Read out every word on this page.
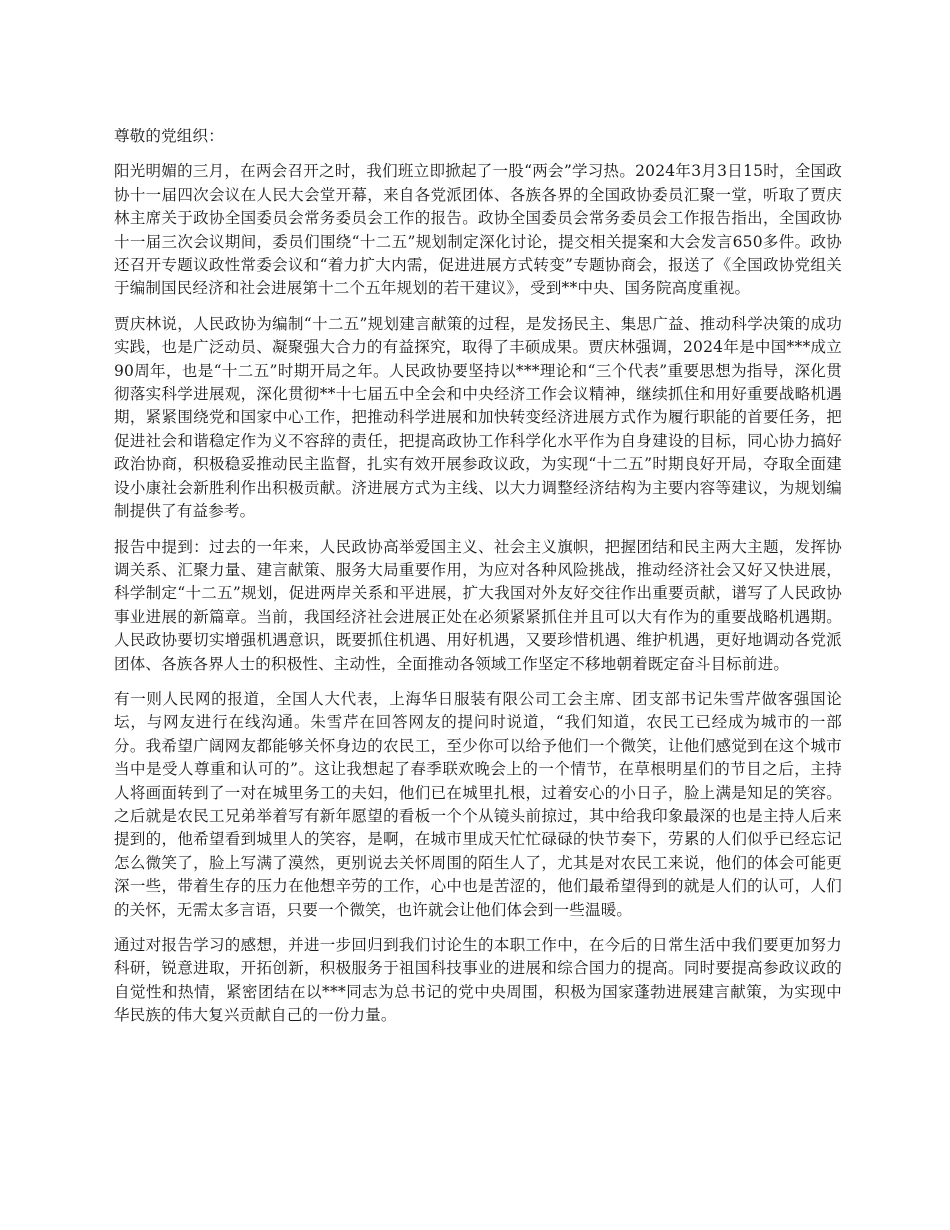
尊敬的党组织：

阳光明媚的三月，在两会召开之时，我们班立即掀起了一股“两会”学习热。2024年3月3日15时，全国政协十一届四次会议在人民大会堂开幕，来自各党派团体、各族各界的全国政协委员汇聚一堂，听取了贾庆林主席关于政协全国委员会常务委员会工作的报告。政协全国委员会常务委员会工作报告指出，全国政协十一届三次会议期间，委员们围绕“十二五”规划制定深化讨论，提交相关提案和大会发言650多件。政协还召开专题议政性常委会议和“着力扩大内需，促进进展方式转变”专题协商会，报送了《全国政协党组关于编制国民经济和社会进展第十二个五年规划的若干建议》，受到**中央、国务院高度重视。

贾庆林说，人民政协为编制“十二五”规划建言献策的过程，是发扬民主、集思广益、推动科学决策的成功实践，也是广泛动员、凝聚强大合力的有益探究，取得了丰硕成果。贾庆林强调，2024年是中国***成立90周年，也是“十二五”时期开局之年。人民政协要坚持以***理论和“三个代表”重要思想为指导，深化贯彻落实科学进展观，深化贯彻**十七届五中全会和中央经济工作会议精神，继续抓住和用好重要战略机遇期，紧紧围绕党和国家中心工作，把推动科学进展和加快转变经济进展方式作为履行职能的首要任务，把促进社会和谐稳定作为义不容辞的责任，把提高政协工作科学化水平作为自身建设的目标，同心协力搞好政治协商，积极稳妥推动民主监督，扎实有效开展参政议政，为实现“十二五”时期良好开局，夺取全面建设小康社会新胜利作出积极贡献。济进展方式为主线、以大力调整经济结构为主要内容等建议，为规划编制提供了有益参考。

报告中提到：过去的一年来，人民政协高举爱国主义、社会主义旗帜，把握团结和民主两大主题，发挥协调关系、汇聚力量、建言献策、服务大局重要作用，为应对各种风险挑战，推动经济社会又好又快进展，科学制定“十二五”规划，促进两岸关系和平进展，扩大我国对外友好交往作出重要贡献，谱写了人民政协事业进展的新篇章。当前，我国经济社会进展正处在必须紧紧抓住并且可以大有作为的重要战略机遇期。人民政协要切实增强机遇意识，既要抓住机遇、用好机遇，又要珍惜机遇、维护机遇，更好地调动各党派团体、各族各界人士的积极性、主动性，全面推动各领域工作坚定不移地朝着既定奋斗目标前进。

有一则人民网的报道，全国人大代表，上海华日服装有限公司工会主席、团支部书记朱雪芹做客强国论坛，与网友进行在线沟通。朱雪芹在回答网友的提问时说道，“我们知道，农民工已经成为城市的一部分。我希望广阔网友都能够关怀身边的农民工，至少你可以给予他们一个微笑，让他们感觉到在这个城市当中是受人尊重和认可的”。这让我想起了春季联欢晚会上的一个情节，在草根明星们的节目之后，主持人将画面转到了一对在城里务工的夫妇，他们已在城里扎根，过着安心的小日子，脸上满是知足的笑容。之后就是农民工兄弟举着写有新年愿望的看板一个个从镜头前掠过，其中给我印象最深的也是主持人后来提到的，他希望看到城里人的笑容，是啊，在城市里成天忙忙碌碌的快节奏下，劳累的人们似乎已经忘记怎么微笑了，脸上写满了漠然，更别说去关怀周围的陌生人了，尤其是对农民工来说，他们的体会可能更深一些，带着生存的压力在他想辛劳的工作，心中也是苦涩的，他们最希望得到的就是人们的认可，人们的关怀，无需太多言语，只要一个微笑，也许就会让他们体会到一些温暖。

通过对报告学习的感想，并进一步回归到我们讨论生的本职工作中，在今后的日常生活中我们要更加努力科研，锐意进取，开拓创新，积极服务于祖国科技事业的进展和综合国力的提高。同时要提高参政议政的自觉性和热情，紧密团结在以***同志为总书记的党中央周围，积极为国家蓬勃进展建言献策，为实现中华民族的伟大复兴贡献自己的一份力量。
